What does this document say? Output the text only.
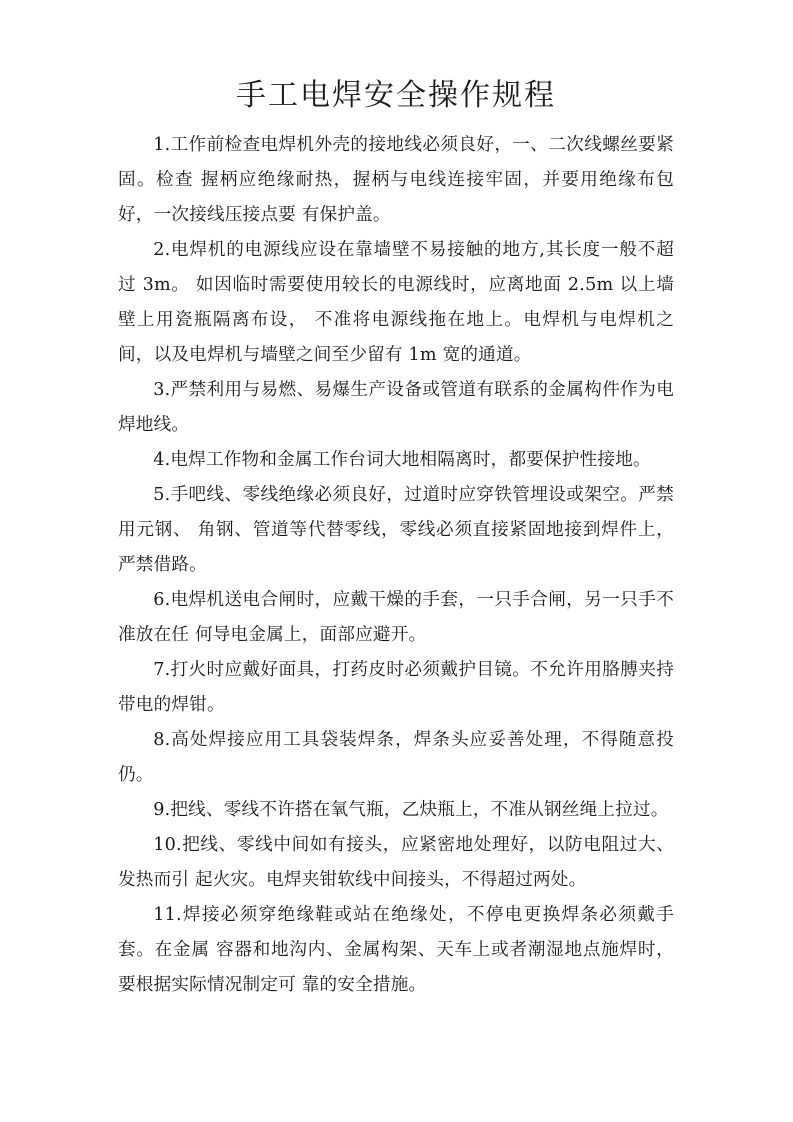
手工电焊安全操作规程

1.工作前检查电焊机外壳的接地线必须良好，一、二次线螺丝要紧固。检查 握柄应绝缘耐热，握柄与电线连接牢固，并要用绝缘布包好，一次接线压接点要 有保护盖。

2.电焊机的电源线应设在靠墙壁不易接触的地方,其长度一般不超过 3m。 如因临时需要使用较长的电源线时，应离地面 2.5m 以上墙壁上用瓷瓶隔离布设， 不准将电源线拖在地上。电焊机与电焊机之间，以及电焊机与墙壁之间至少留有 1m 宽的通道。

3.严禁利用与易燃、易爆生产设备或管道有联系的金属构件作为电焊地线。

4.电焊工作物和金属工作台词大地相隔离时，都要保护性接地。

5.手吧线、零线绝缘必须良好，过道时应穿铁管埋设或架空。严禁用元钢、 角钢、管道等代替零线，零线必须直接紧固地接到焊件上，严禁借路。

6.电焊机送电合闸时，应戴干燥的手套，一只手合闸，另一只手不准放在任 何导电金属上，面部应避开。

7.打火时应戴好面具，打药皮时必须戴护目镜。不允许用胳膊夹持带电的焊钳。

8.高处焊接应用工具袋装焊条，焊条头应妥善处理，不得随意投仍。

9.把线、零线不许搭在氧气瓶，乙炔瓶上，不准从钢丝绳上拉过。

10.把线、零线中间如有接头，应紧密地处理好，以防电阻过大、发热而引 起火灾。电焊夹钳软线中间接头，不得超过两处。

11.焊接必须穿绝缘鞋或站在绝缘处，不停电更换焊条必须戴手套。在金属 容器和地沟内、金属构架、天车上或者潮湿地点施焊时，要根据实际情况制定可 靠的安全措施。
